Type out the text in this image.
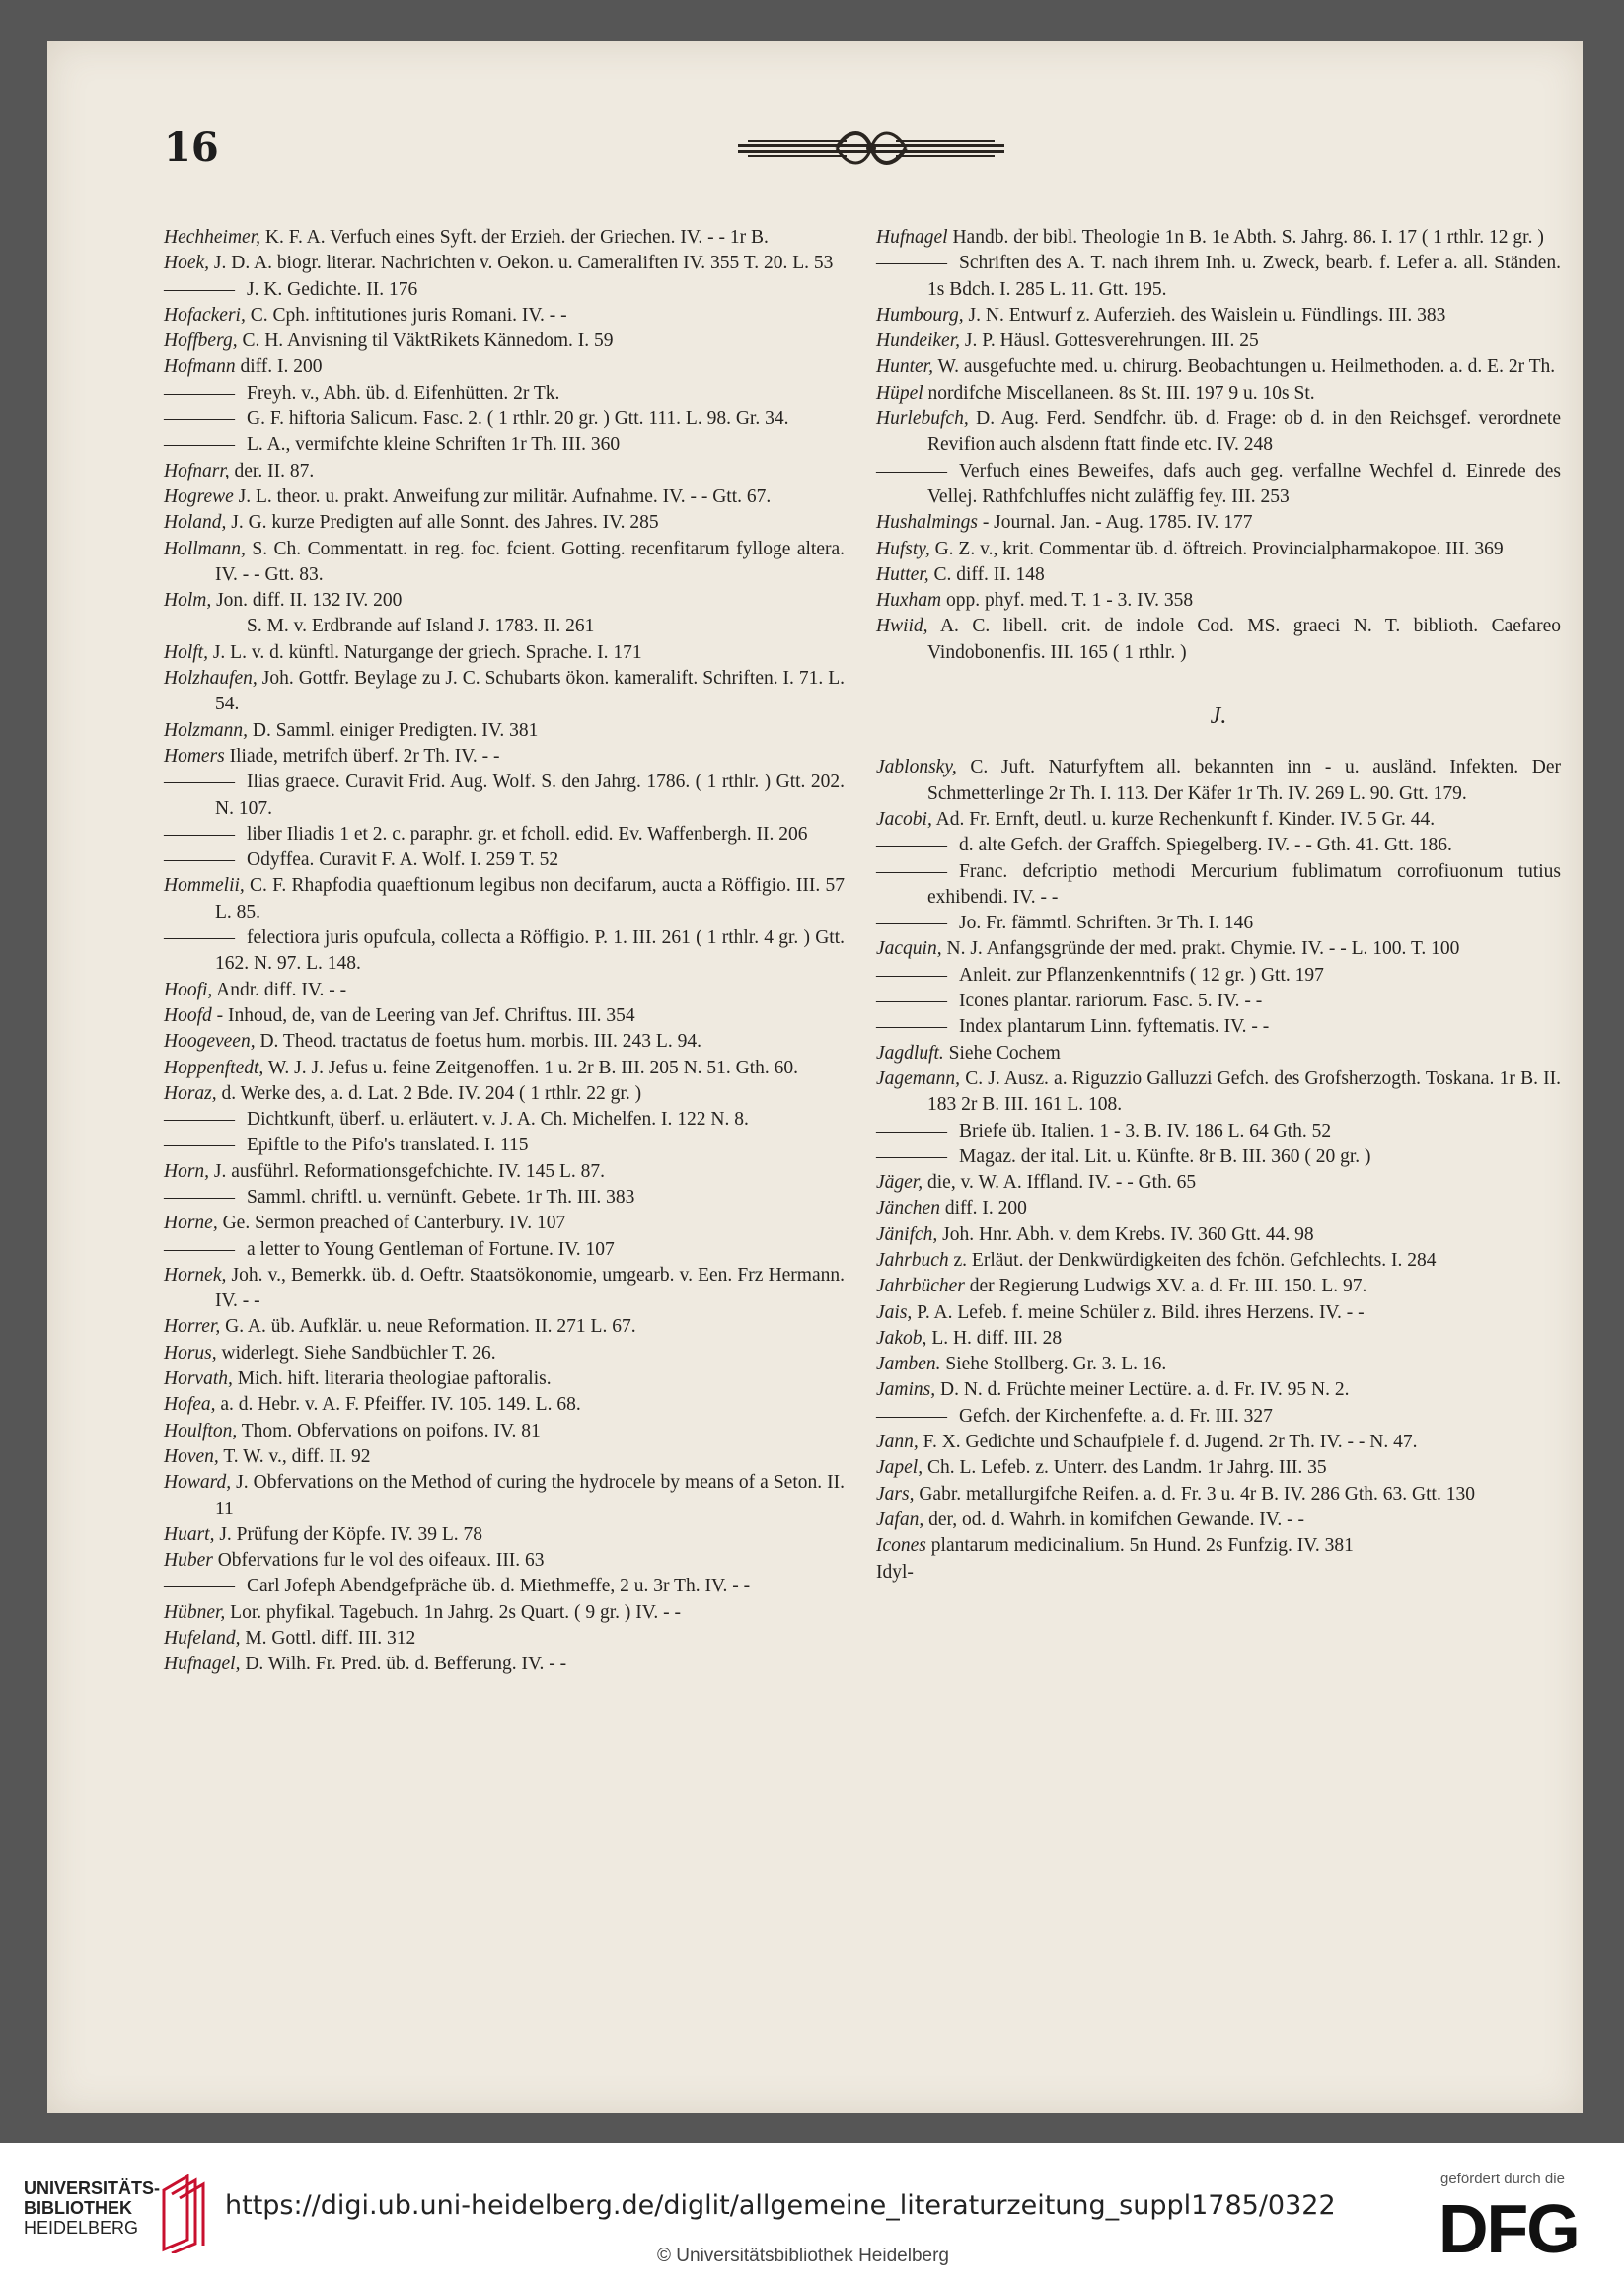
16

Hechheimer, K. F. A. Verfuch eines Syft. der Erzieh. der Griechen. IV. - - 1r B.

Hoek, J. D. A. biogr. literar. Nachrichten v. Oekon. u. Cameraliften IV. 355 T. 20. L. 53

———— J. K. Gedichte. II. 176

Hofackeri, C. Cph. inftitutiones juris Romani. IV. - -

Hoffberg, C. H. Anvisning til VäktRikets Kännedom. I. 59

Hofmann diff. I. 200

———— Freyh. v., Abh. üb. d. Eifenhütten. 2r Tk.

———— G. F. hiftoria Salicum. Fasc. 2. ( 1 rthlr. 20 gr. ) Gtt. 111. L. 98. Gr. 34.

———— L. A., vermifchte kleine Schriften 1r Th. III. 360

Hofnarr, der. II. 87.

Hogrewe J. L. theor. u. prakt. Anweifung zur militär. Aufnahme. IV. - - Gtt. 67.

Holand, J. G. kurze Predigten auf alle Sonnt. des Jahres. IV. 285

Hollmann, S. Ch. Commentatt. in reg. foc. fcient. Gotting. recenfitarum fylloge altera. IV. - - Gtt. 83.

Holm, Jon. diff. II. 132 IV. 200

———— S. M. v. Erdbrande auf Island J. 1783. II. 261

Holft, J. L. v. d. künftl. Naturgange der griech. Sprache. I. 171

Holzhaufen, Joh. Gottfr. Beylage zu J. C. Schubarts ökon. kameralift. Schriften. I. 71. L. 54.

Holzmann, D. Samml. einiger Predigten. IV. 381

Homers Iliade, metrifch überf. 2r Th. IV. - -

———— Ilias graece. Curavit Frid. Aug. Wolf. S. den Jahrg. 1786. ( 1 rthlr. ) Gtt. 202. N. 107.

———— liber Iliadis 1 et 2. c. paraphr. gr. et fcholl. edid. Ev. Waffenbergh. II. 206

———— Odyffea. Curavit F. A. Wolf. I. 259 T. 52

Hommelii, C. F. Rhapfodia quaeftionum legibus non decifarum, aucta a Röffigio. III. 57 L. 85.

———— felectiora juris opufcula, collecta a Röffigio. P. 1. III. 261 ( 1 rthlr. 4 gr. ) Gtt. 162. N. 97. L. 148.

Hoofi, Andr. diff. IV. - -

Hoofd - Inhoud, de, van de Leering van Jef. Chriftus. III. 354

Hoogeveen, D. Theod. tractatus de foetus hum. morbis. III. 243 L. 94.

Hoppenftedt, W. J. J. Jefus u. feine Zeitgenoffen. 1 u. 2r B. III. 205 N. 51. Gth. 60.

Horaz, d. Werke des, a. d. Lat. 2 Bde. IV. 204 ( 1 rthlr. 22 gr. )

———— Dichtkunft, überf. u. erläutert. v. J. A. Ch. Michelfen. I. 122 N. 8.

———— Epiftle to the Pifo's translated. I. 115

Horn, J. ausführl. Reformationsgefchichte. IV. 145 L. 87.

———— Samml. chriftl. u. vernünft. Gebete. 1r Th. III. 383

Horne, Ge. Sermon preached of Canterbury. IV. 107

———— a letter to Young Gentleman of Fortune. IV. 107

Hornek, Joh. v., Bemerkk. üb. d. Oeftr. Staatsökonomie, umgearb. v. Een. Frz Hermann. IV. - -

Horrer, G. A. üb. Aufklär. u. neue Reformation. II. 271 L. 67.

Horus, widerlegt. Siehe Sandbüchler T. 26.

Horvath, Mich. hift. literaria theologiae paftoralis.

Hofea, a. d. Hebr. v. A. F. Pfeiffer. IV. 105. 149. L. 68.

Houlfton, Thom. Obfervations on poifons. IV. 81

Hoven, T. W. v., diff. II. 92

Howard, J. Obfervations on the Method of curing the hydrocele by means of a Seton. II. 11

Huart, J. Prüfung der Köpfe. IV. 39 L. 78

Huber Obfervations fur le vol des oifeaux. III. 63

———— Carl Jofeph Abendgefpräche üb. d. Miethmeffe, 2 u. 3r Th. IV. - -

Hübner, Lor. phyfikal. Tagebuch. 1n Jahrg. 2s Quart. ( 9 gr. ) IV. - -

Hufeland, M. Gottl. diff. III. 312

Hufnagel, D. Wilh. Fr. Pred. üb. d. Befferung. IV. - -

Hufnagel Handb. der bibl. Theologie 1n B. 1e Abth. S. Jahrg. 86. I. 17 ( 1 rthlr. 12 gr. )

———— Schriften des A. T. nach ihrem Inh. u. Zweck, bearb. f. Lefer a. all. Ständen. 1s Bdch. I. 285 L. 11. Gtt. 195.

Humbourg, J. N. Entwurf z. Auferzieh. des Waislein u. Fündlings. III. 383

Hundeiker, J. P. Häusl. Gottesverehrungen. III. 25

Hunter, W. ausgefuchte med. u. chirurg. Beobachtungen u. Heilmethoden. a. d. E. 2r Th.

Hüpel nordifche Miscellaneen. 8s St. III. 197 9 u. 10s St.

Hurlebufch, D. Aug. Ferd. Sendfchr. üb. d. Frage: ob d. in den Reichsgef. verordnete Revifion auch alsdenn ftatt finde etc. IV. 248

———— Verfuch eines Beweifes, dafs auch geg. verfallne Wechfel d. Einrede des Vellej. Rathfchluffes nicht zuläffig fey. III. 253

Hushalmings - Journal. Jan. - Aug. 1785. IV. 177

Hufsty, G. Z. v., krit. Commentar üb. d. öftreich. Provincialpharmakopoe. III. 369

Hutter, C. diff. II. 148

Huxham opp. phyf. med. T. 1 - 3. IV. 358

Hwiid, A. C. libell. crit. de indole Cod. MS. graeci N. T. biblioth. Caefareo Vindobonenfis. III. 165 ( 1 rthlr. )

J.

Jablonsky, C. Juft. Naturfyftem all. bekannten inn - u. ausländ. Infekten. Der Schmetterlinge 2r Th. I. 113. Der Käfer 1r Th. IV. 269 L. 90. Gtt. 179.

Jacobi, Ad. Fr. Ernft, deutl. u. kurze Rechenkunft f. Kinder. IV. 5 Gr. 44.

———— d. alte Gefch. der Graffch. Spiegelberg. IV. - - Gth. 41. Gtt. 186.

———— Franc. defcriptio methodi Mercurium fublimatum corrofiuonum tutius exhibendi. IV. - -

———— Jo. Fr. fämmtl. Schriften. 3r Th. I. 146

Jacquin, N. J. Anfangsgründe der med. prakt. Chymie. IV. - - L. 100. T. 100

———— Anleit. zur Pflanzenkenntnifs ( 12 gr. ) Gtt. 197

———— Icones plantar. rariorum. Fasc. 5. IV. - -

———— Index plantarum Linn. fyftematis. IV. - -

Jagdluft. Siehe Cochem

Jagemann, C. J. Ausz. a. Riguzzio Galluzzi Gefch. des Grofsherzogth. Toskana. 1r B. II. 183 2r B. III. 161 L. 108.

———— Briefe üb. Italien. 1 - 3. B. IV. 186 L. 64 Gth. 52

———— Magaz. der ital. Lit. u. Künfte. 8r B. III. 360 ( 20 gr. )

Jäger, die, v. W. A. Iffland. IV. - - Gth. 65

Jänchen diff. I. 200

Jänifch, Joh. Hnr. Abh. v. dem Krebs. IV. 360 Gtt. 44. 98

Jahrbuch z. Erläut. der Denkwürdigkeiten des fchön. Gefchlechts. I. 284

Jahrbücher der Regierung Ludwigs XV. a. d. Fr. III. 150. L. 97.

Jais, P. A. Lefeb. f. meine Schüler z. Bild. ihres Herzens. IV. - -

Jakob, L. H. diff. III. 28

Jamben. Siehe Stollberg. Gr. 3. L. 16.

Jamins, D. N. d. Früchte meiner Lectüre. a. d. Fr. IV. 95 N. 2.

———— Gefch. der Kirchenfefte. a. d. Fr. III. 327

Jann, F. X. Gedichte und Schaufpiele f. d. Jugend. 2r Th. IV. - - N. 47.

Japel, Ch. L. Lefeb. z. Unterr. des Landm. 1r Jahrg. III. 35

Jars, Gabr. metallurgifche Reifen. a. d. Fr. 3 u. 4r B. IV. 286 Gth. 63. Gtt. 130

Jafan, der, od. d. Wahrh. in komifchen Gewande. IV. - -

Icones plantarum medicinalium. 5n Hund. 2s Funfzig. IV. 381

Idyl-

UNIVERSITÄTS-
BIBLIOTHEK
HEIDELBERG
https://digi.ub.uni-heidelberg.de/diglit/allgemeine_literaturzeitung_suppl1785/0322
© Universitätsbibliothek Heidelberg
gefördert durch die
DFG
